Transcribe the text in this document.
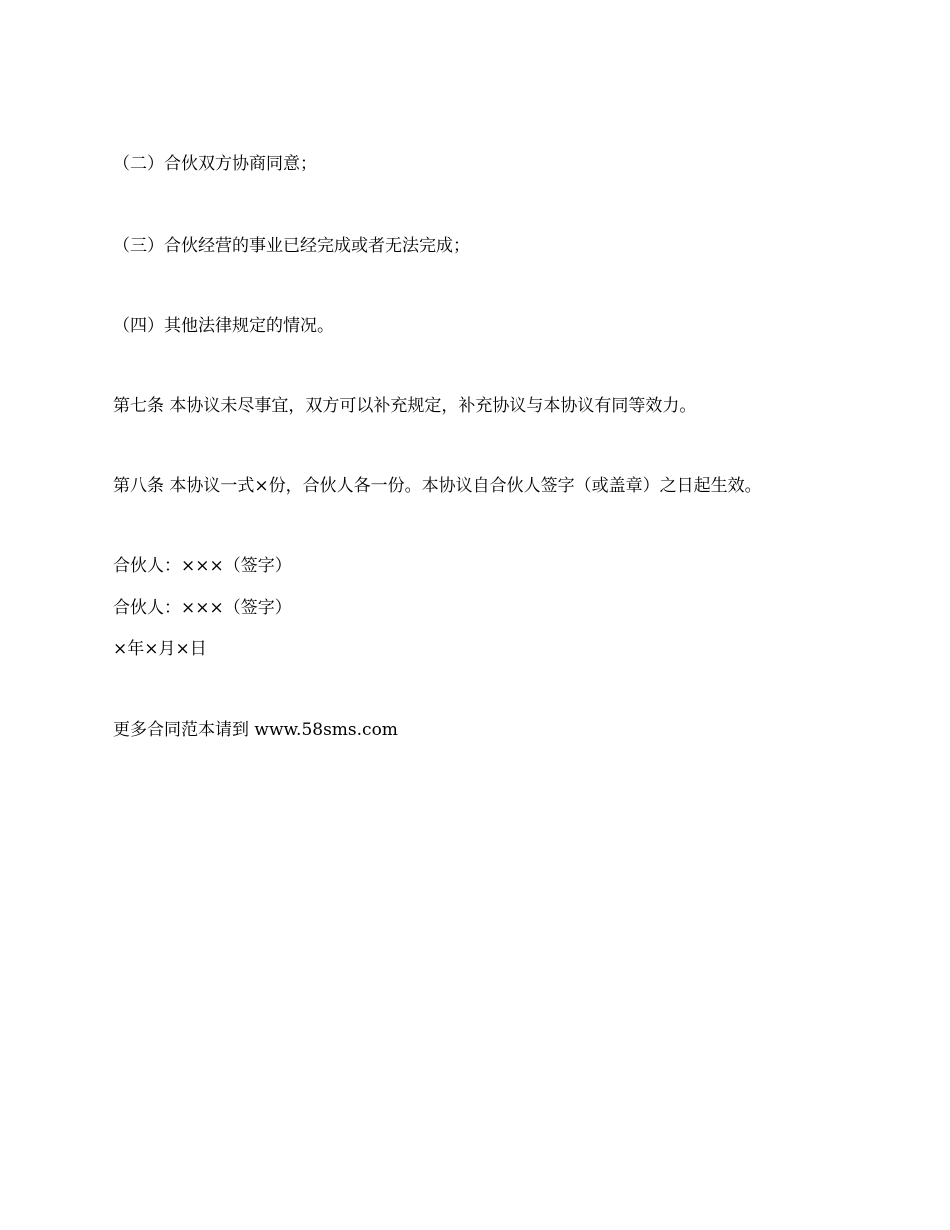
（二）合伙双方协商同意；

（三）合伙经营的事业已经完成或者无法完成；

（四）其他法律规定的情况。

第七条 本协议未尽事宜，双方可以补充规定，补充协议与本协议有同等效力。

第八条 本协议一式×份，合伙人各一份。本协议自合伙人签字（或盖章）之日起生效。

合伙人：×××（签字）

合伙人：×××（签字）

×年×月×日

更多合同范本请到 www.58sms.com
